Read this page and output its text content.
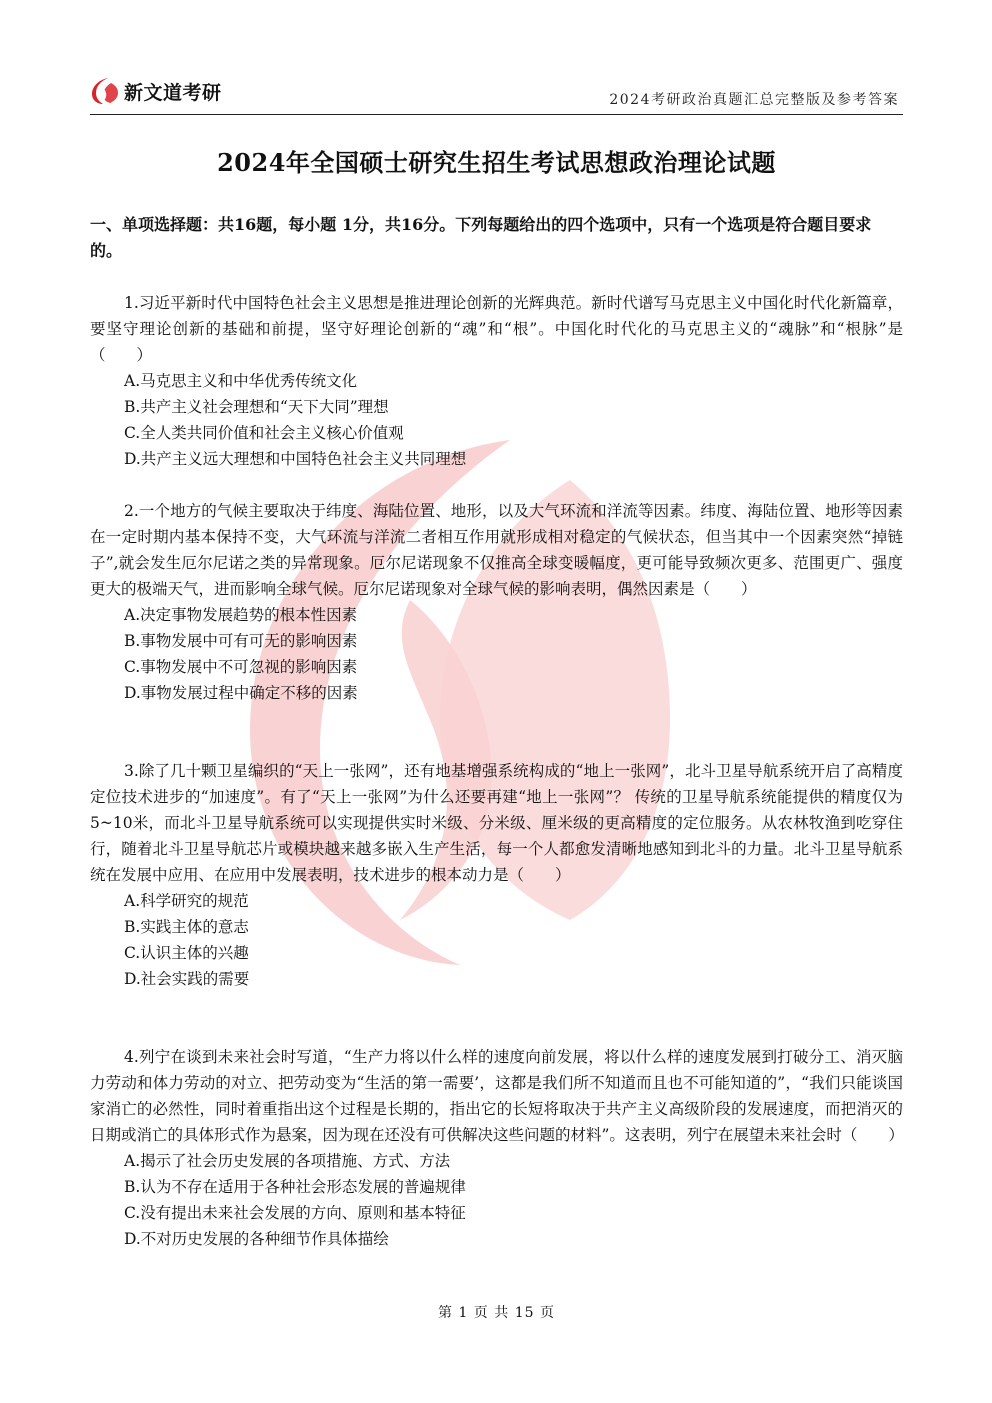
新文道考研	2024考研政治真题汇总完整版及参考答案
2024年全国硕士研究生招生考试思想政治理论试题

一、单项选择题：共16题，每小题 1分，共16分。下列每题给出的四个选项中，只有一个选项是符合题目要求的。

1.习近平新时代中国特色社会主义思想是推进理论创新的光辉典范。新时代谱写马克思主义中国化时代化新篇章，要坚守理论创新的基础和前提，坚守好理论创新的“魂”和“根”。中国化时代化的马克思主义的“魂脉”和“根脉”是（　　）

A.马克思主义和中华优秀传统文化
B.共产主义社会理想和“天下大同”理想
C.全人类共同价值和社会主义核心价值观
D.共产主义远大理想和中国特色社会主义共同理想

2.一个地方的气候主要取决于纬度、海陆位置、地形，以及大气环流和洋流等因素。纬度、海陆位置、地形等因素在一定时期内基本保持不变，大气环流与洋流二者相互作用就形成相对稳定的气候状态，但当其中一个因素突然“掉链子”,就会发生厄尔尼诺之类的异常现象。厄尔尼诺现象不仅推高全球变暖幅度，更可能导致频次更多、范围更广、强度更大的极端天气，进而影响全球气候。厄尔尼诺现象对全球气候的影响表明，偶然因素是（　　）

A.决定事物发展趋势的根本性因素
B.事物发展中可有可无的影响因素
C.事物发展中不可忽视的影响因素
D.事物发展过程中确定不移的因素

3.除了几十颗卫星编织的“天上一张网”，还有地基增强系统构成的“地上一张网”，北斗卫星导航系统开启了高精度定位技术进步的“加速度”。有了“天上一张网”为什么还要再建“地上一张网”？ 传统的卫星导航系统能提供的精度仅为 5~10米，而北斗卫星导航系统可以实现提供实时米级、分米级、厘米级的更高精度的定位服务。从农林牧渔到吃穿住行，随着北斗卫星导航芯片或模块越来越多嵌入生产生活，每一个人都愈发清晰地感知到北斗的力量。北斗卫星导航系统在发展中应用、在应用中发展表明，技术进步的根本动力是（　　）

A.科学研究的规范
B.实践主体的意志
C.认识主体的兴趣
D.社会实践的需要

4.列宁在谈到未来社会时写道，“生产力将以什么样的速度向前发展，将以什么样的速度发展到打破分工、消灭脑力劳动和体力劳动的对立、把劳动变为“生活的第一需要’，这都是我们所不知道而且也不可能知道的”，“我们只能谈国家消亡的必然性，同时着重指出这个过程是长期的，指出它的长短将取决于共产主义高级阶段的发展速度，而把消灭的日期或消亡的具体形式作为悬案，因为现在还没有可供解决这些问题的材料”。这表明，列宁在展望未来社会时（　　）

A.揭示了社会历史发展的各项措施、方式、方法
B.认为不存在适用于各种社会形态发展的普遍规律
C.没有提出未来社会发展的方向、原则和基本特征
D.不对历史发展的各种细节作具体描绘
第 1 页 共 15 页
